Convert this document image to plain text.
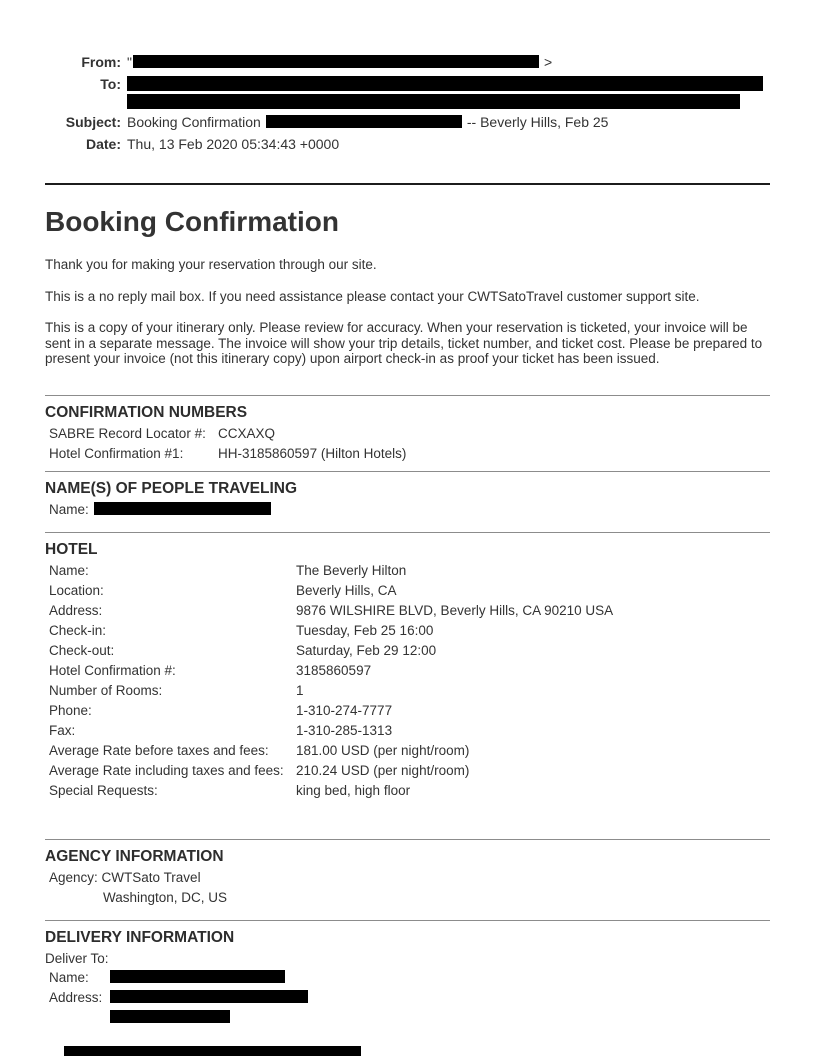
From: "	>
To:
Subject: Booking Confirmation	-- Beverly Hills, Feb 25
Date: Thu, 13 Feb 2020 05:34:43 +0000
Booking Confirmation

Thank you for making your reservation through our site.

This is a no reply mail box. If you need assistance please contact your CWTSatoTravel customer support site.

This is a copy of your itinerary only. Please review for accuracy. When your reservation is ticketed, your invoice will be sent in a separate message. The invoice will show your trip details, ticket number, and ticket cost. Please be prepared to present your invoice (not this itinerary copy) upon airport check-in as proof your ticket has been issued.

CONFIRMATION NUMBERS
SABRE Record Locator #: CCXAXQ
Hotel Confirmation #1:	HH-3185860597 (Hilton Hotels)
NAME(S) OF PEOPLE TRAVELING
Name:
HOTEL
Name:	The Beverly Hilton
Location:	Beverly Hills, CA
Address:	9876 WILSHIRE BLVD, Beverly Hills, CA 90210 USA
Check-in:	Tuesday, Feb 25 16:00
Check-out:	Saturday, Feb 29 12:00
Hotel Confirmation #:	3185860597
Number of Rooms:	1
Phone:	1-310-274-7777
Fax:	1-310-285-1313
Average Rate before taxes and fees:	181.00 USD (per night/room)
Average Rate including taxes and fees: 210.24 USD (per night/room)
Special Requests:	king bed, high floor
AGENCY INFORMATION
Agency: CWTSato Travel
Washington, DC, US
DELIVERY INFORMATION
Deliver To:
Name:
Address:
